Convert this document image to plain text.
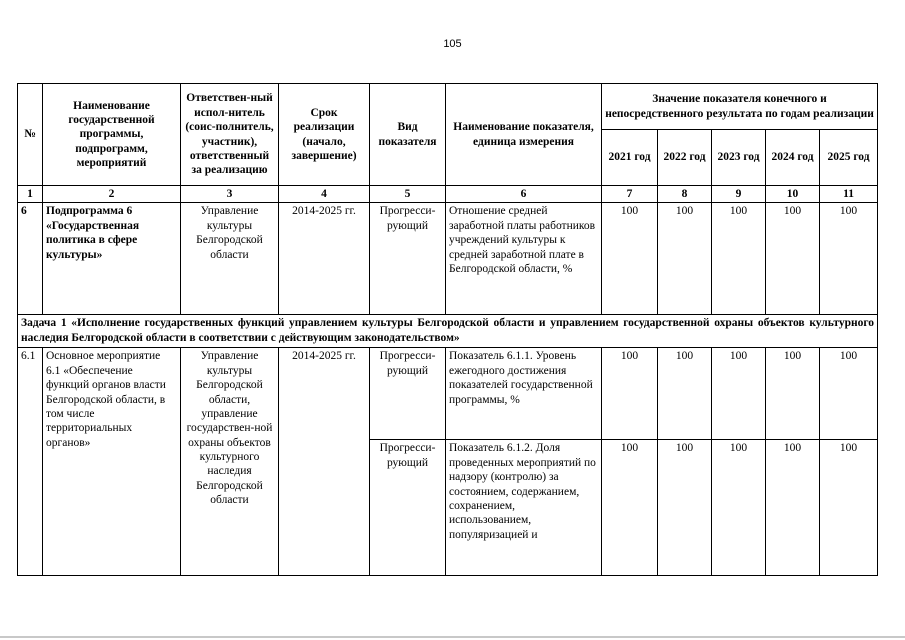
105
№	Наименование государственной программы, подпрограмм, мероприятий	Ответствен-ный испол-нитель (соис-полнитель, участник), ответственный за реализацию	Срок реализации (начало, завершение)	Вид показателя	Наименование показателя, единица измерения	Значение показателя конечного и непосредственного результата по годам реализации				
						2021 год	2022 год	2023 год	2024 год	2025 год
1	2	3	4	5	6	7	8	9	10	11
6	Подпрограмма 6 «Государственная политика в сфере культуры»	Управление культуры Белгородской области	2014-2025 гг.	Прогресси-рующий	Отношение средней заработной платы работников учреждений культуры к средней заработной плате в Белгородской области, %	100	100	100	100	100
Задача 1 «Исполнение государственных функций управлением культуры Белгородской области и управлением государственной охраны объектов культурного наследия Белгородской области в соответствии с действующим законодательством»										
6.1	Основное мероприятие 6.1 «Обеспечение функций органов власти Белгородской области, в том числе территориальных органов»	Управление культуры Белгородской области, управление государствен-ной охраны объектов культурного наследия Белгородской области	2014-2025 гг.	Прогресси-рующий	Показатель 6.1.1. Уровень ежегодного достижения показателей государственной программы, %	100	100	100	100	100
				Прогресси-рующий	Показатель 6.1.2. Доля проведенных мероприятий по надзору (контролю) за состоянием, содержанием, сохранением, использованием, популяризацией и	100	100	100	100	100
